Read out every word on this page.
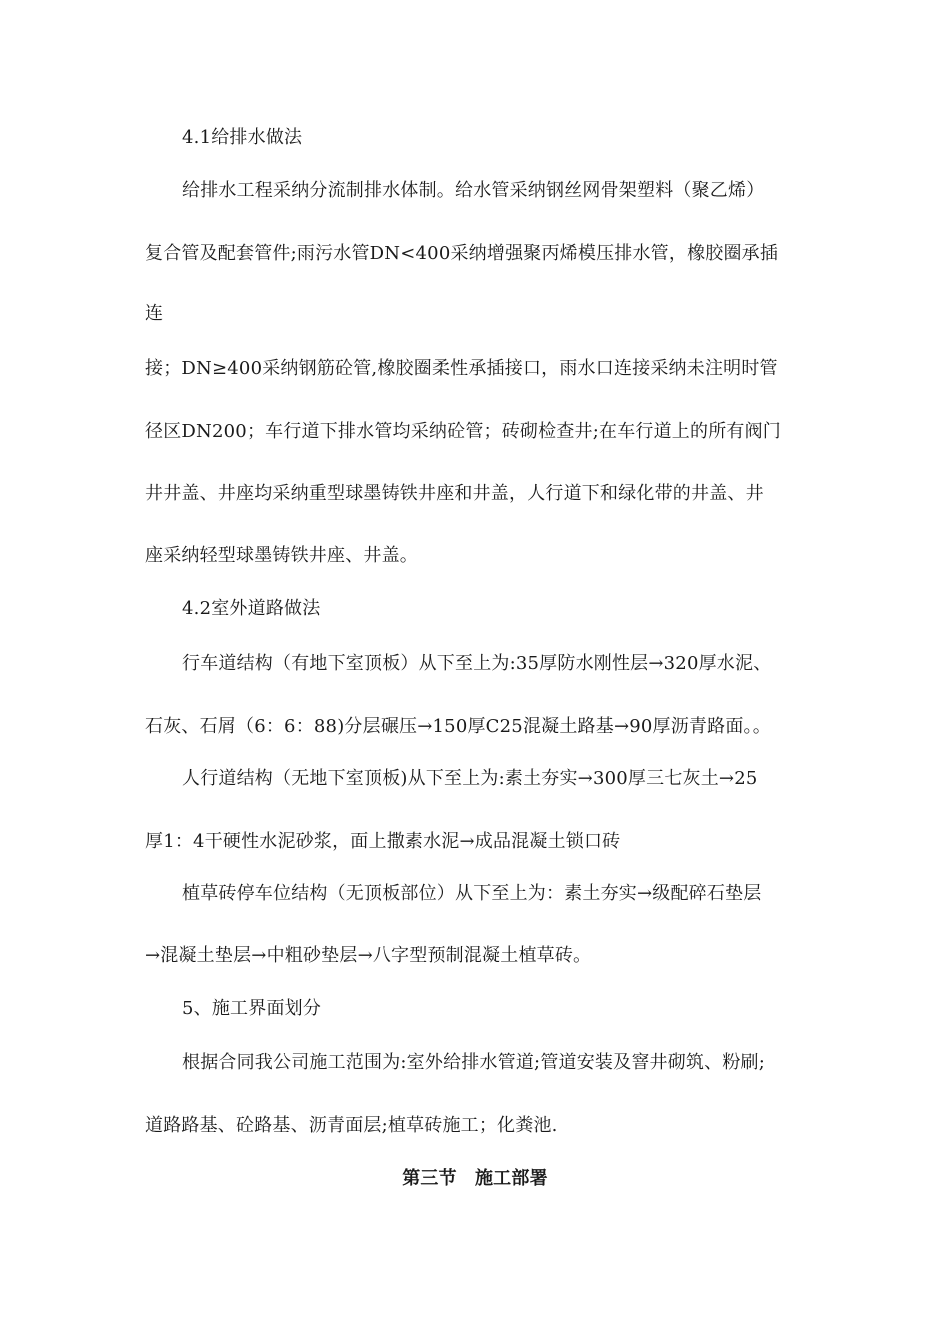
4.1给排水做法
给排水工程采纳分流制排水体制。给水管采纳钢丝网骨架塑料（聚乙烯）
复合管及配套管件;雨污水管DN<400采纳增强聚丙烯模压排水管，橡胶圈承插
连
接；DN≥400采纳钢筋砼管,橡胶圈柔性承插接口，雨水口连接采纳未注明时管
径区DN200；车行道下排水管均采纳砼管；砖砌检查井;在车行道上的所有阀门
井井盖、井座均采纳重型球墨铸铁井座和井盖，人行道下和绿化带的井盖、井
座采纳轻型球墨铸铁井座、井盖。
4.2室外道路做法
行车道结构（有地下室顶板）从下至上为:35厚防水刚性层→320厚水泥、
石灰、石屑（6：6：88)分层碾压→150厚C25混凝土路基→90厚沥青路面。。
人行道结构（无地下室顶板)从下至上为:素土夯实→300厚三七灰土→25
厚1：4干硬性水泥砂浆，面上撒素水泥→成品混凝土锁口砖
植草砖停车位结构（无顶板部位）从下至上为：素土夯实→级配碎石垫层
→混凝土垫层→中粗砂垫层→八字型预制混凝土植草砖。
5、施工界面划分
根据合同我公司施工范围为:室外给排水管道;管道安装及窨井砌筑、粉刷;
道路路基、砼路基、沥青面层;植草砖施工；化粪池.
第三节　施工部署
